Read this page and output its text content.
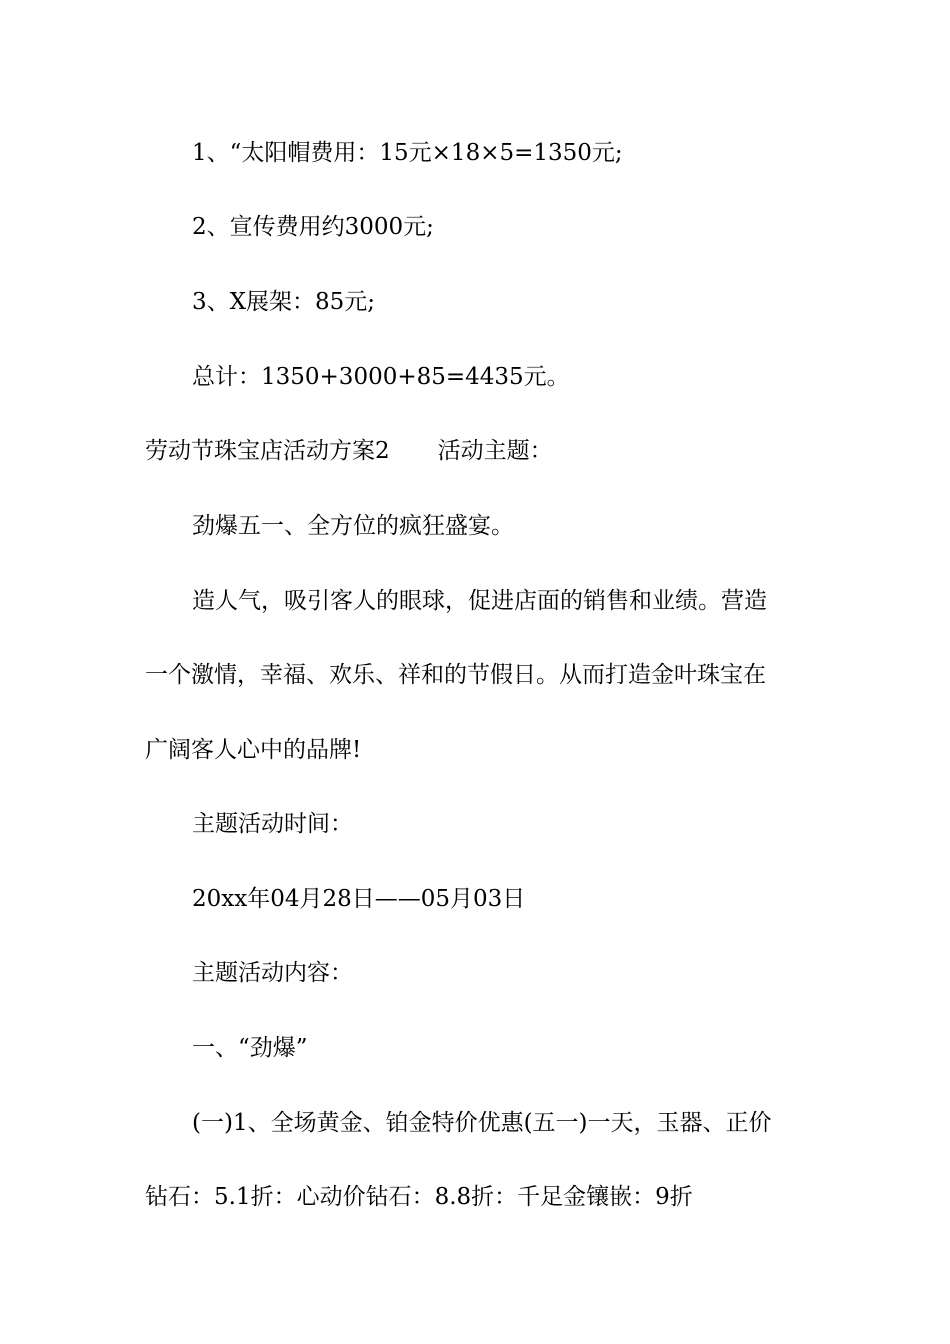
1、“太阳帽费用：15元×18×5=1350元;
2、宣传费用约3000元;
3、X展架：85元;
总计：1350+3000+85=4435元。
劳动节珠宝店活动方案2 活动主题：
劲爆五一、全方位的疯狂盛宴。
造人气，吸引客人的眼球，促进店面的销售和业绩。营造
一个激情，幸福、欢乐、祥和的节假日。从而打造金叶珠宝在
广阔客人心中的品牌!
主题活动时间：
20xx年04月28日——05月03日
主题活动内容：
一、“劲爆”
(一)1、全场黄金、铂金特价优惠(五一)一天，玉器、正价
钻石：5.1折：心动价钻石：8.8折：千足金镶嵌：9折
